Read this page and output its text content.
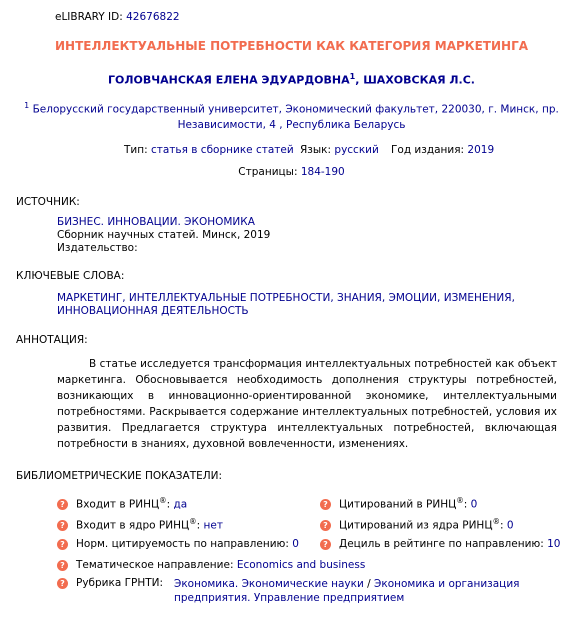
eLIBRARY ID: 42676822
ИНТЕЛЛЕКТУАЛЬНЫЕ ПОТРЕБНОСТИ КАК КАТЕГОРИЯ МАРКЕТИНГА
ГОЛОВЧАНСКАЯ ЕЛЕНА ЭДУАРДОВНА$^1$, ШАХОВСКАЯ Л.С.
$^1$ Белорусский государственный университет, Экономический факультет, 220030, г. Минск, пр.
Независимости, 4 , Республика Беларусь
Тип: статья в сборнике статей Язык: русский Год издания: 2019
Страницы: 184-190
ИСТОЧНИК:
БИЗНЕС. ИННОВАЦИИ. ЭКОНОМИКА
Сборник научных статей. Минск, 2019
Издательство:
КЛЮЧЕВЫЕ СЛОВА:
МАРКЕТИНГ, ИНТЕЛЛЕКТУАЛЬНЫЕ ПОТРЕБНОСТИ, ЗНАНИЯ, ЭМОЦИИ, ИЗМЕНЕНИЯ,
ИННОВАЦИОННАЯ ДЕЯТЕЛЬНОСТЬ
АННОТАЦИЯ:
В статье исследуется трансформация интеллектуальных потребностей как объект маркетинга. Обосновывается необходимость дополнения структуры потребностей, возникающих в инновационно-ориентированной экономике, интеллектуальными потребностями. Раскрывается содержание интеллектуальных потребностей, условия их развития. Предлагается структура интеллектуальных потребностей, включающая потребности в знаниях, духовной вовлеченности, изменениях.
БИБЛИОМЕТРИЧЕСКИЕ ПОКАЗАТЕЛИ:
? Входит в РИНЦ®: да
? Входит в ядро РИНЦ®: нет
? Норм. цитируемость по направлению: 0
? Цитирований в РИНЦ®: 0
? Цитирований из ядра РИНЦ®: 0
? Дециль в рейтинге по направлению: 10
? Тематическое направление: Economics and business
? Рубрика ГРНТИ: Экономика. Экономические науки / Экономика и организация предприятия. Управление предприятием
